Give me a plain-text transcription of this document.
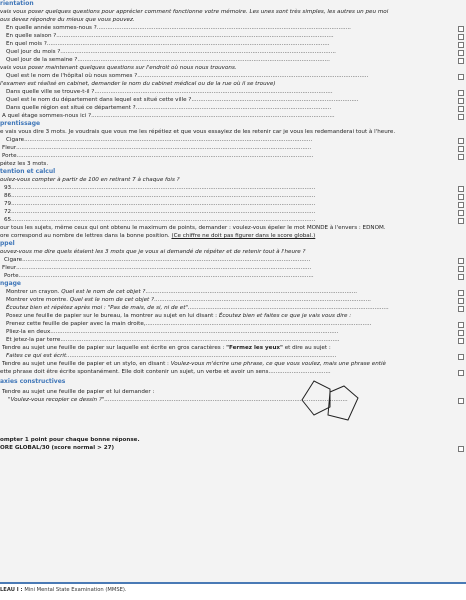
rientation
vais vous poser quelques questions pour apprécier comment fonctionne votre mémoire. Les unes sont très simples, les autres un peu moi
ous devez répondre du mieux que vous pouvez.
En quelle année sommes-nous ?...............................................................................................................................................
En quelle saison ?............................................................................................................................................................
En quel mois ?...............................................................................................................................................................
Quel jour du mois ?...........................................................................................................................................................
Quel jour de la semaine ?..............................................................................................................................................
vais vous poser maintenant quelques questions sur l'endroit où nous nous trouvons.
Quel est le nom de l'hôpital où nous sommes ?..................................................................................................................................
l'examen est réalisé en cabinet, demander le nom du cabinet médical ou de la rue où il se trouve)
Dans quelle ville se trouve-t-il ?......................................................................................................................................
Quel est le nom du département dans lequel est situé cette ville ?..............................................................................................
Dans quelle région est situé ce département ?..............................................................................................................
A quel étage sommes-nous ici ?.........................................................................................................................................
prentissage
e vais vous dire 3 mots. Je voudrais que vous me les répétiez et que vous essayiez de les retenir car je vous les redemanderai tout à l'heure.
Cigare..................................................................................................................................................................
Fleur......................................................................................................................................................................
Porte.......................................................................................................................................................................
pétez les 3 mots.
tention et calcul
oulez-vous compter à partir de 100 en retirant 7 à chaque fois ?
93...........................................................................................................................................................................
86...........................................................................................................................................................................
79...........................................................................................................................................................................
72...........................................................................................................................................................................
65...........................................................................................................................................................................
our tous les sujets, même ceux qui ont obtenu le maximum de points, demander : voulez-vous épeler le mot MONDE à l'envers : EDNOM.
ore correspond au nombre de lettres dans la bonne position. (Ce chiffre ne doit pas figurer dans le score global.)
ppel
ouvez-vous me dire quels étaient les 3 mots que je vous ai demandé de répéter et de retenir tout à l'heure ?
Cigare..................................................................................................................................................................
Fleur......................................................................................................................................................................
Porte......................................................................................................................................................................
ngage
Montrer un crayon. Quel est le nom de cet objet ?.......................................................................................................................
Montrer votre montre. Quel est le nom de cet objet ?..........................................................................................................................
Écoutez bien et répétez après moi : "Pas de mais, de si, ni de et".................................................................................................................
Posez une feuille de papier sur le bureau, la montrer au sujet en lui disant : Écoutez bien et faites ce que je vais vous dire :
Prenez cette feuille de papier avec la main droite,...............................................................................................................................
Pliez-la en deux..................................................................................................................................................................
Et jetez-la par terre.............................................................................................................................................................
Tendre au sujet une feuille de papier sur laquelle est écrite en gros caractères : "Fermez les yeux" et dire au sujet :
Faites ce qui est écrit........................................................................................................................................................
Tendre au sujet une feuille de papier et un stylo, en disant : Voulez-vous m'écrire une phrase, ce que vous voulez, mais une phrase entiè
ette phrase doit être écrite spontanément. Elle doit contenir un sujet, un verbe et avoir un sens...................................
axies constructives
Tendre au sujet une feuille de papier et lui demander :
"Voulez-vous recopier ce dessin ?".........................................................................................................................................
ompter 1 point pour chaque bonne réponse.
ORE GLOBAL/30 (score normal > 27)
LEAU I : Mini Mental State Examination (MMSE).
